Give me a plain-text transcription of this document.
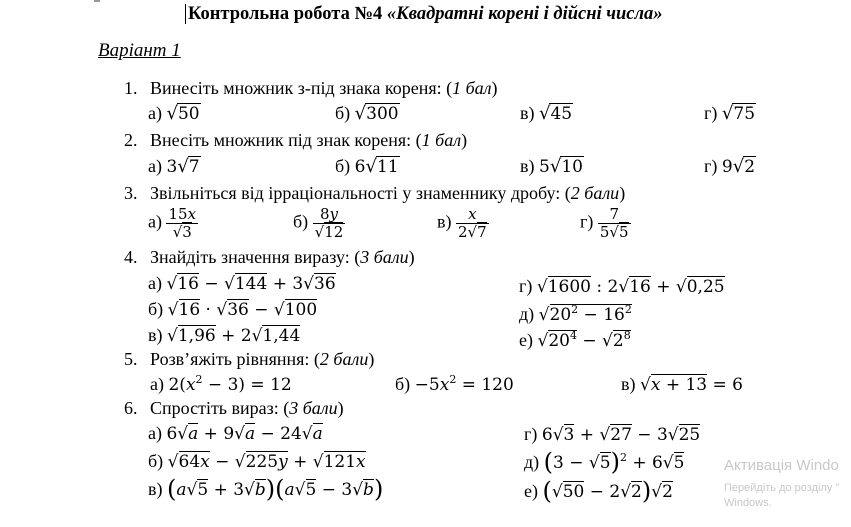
Контрольна робота №4 «Квадратні корені і дійсні числа»
Варіант 1
1. Винесіть множник з-під знака кореня: (1 бал)
а) √50	б) √300	в) √45	г) √75
2. Внесіть множник під знак кореня: (1 бал)
а) 3√7	б) 6√11	в) 5√10	г) 9√2
3. Звільніться від ірраціональності у знаменнику дробу: (2 бали)
$а) \frac{15x}{√3}$	$б) \frac{8y}{√12}$	$в) \frac{x}{2√7}$	$г) \frac{7}{5√5}$
4. Знайдіть значення виразу: (3 бали)
а) √16 − √144 + 3√36
б) √16 · √36 − √100
в) √1,96 + 2√1,44
г) √1600 : 2√16 + √0,25
д) $√20^2 - 16^2$
е) $√20^4 - √2^8$
5. Розв’яжіть рівняння: (2 бали)
а) $2(x^2 - 3) = 12$	$б) -5x^2 = 120$	в) √x + 13 = 6
6. Спростіть вираз: (3 бали)
а) 6√a + 9√a − 24√a
б) √64x − √225y + √121x
в) (a√5 + 3√b)(a√5 − 3√b)
г) 6√3 + √27 − 3√25
д) $(3 - √5)^2 + 6√5$
е) (√50 − 2√2)√2
Активація Windo
Перейдіть до розділу "
Windows.
